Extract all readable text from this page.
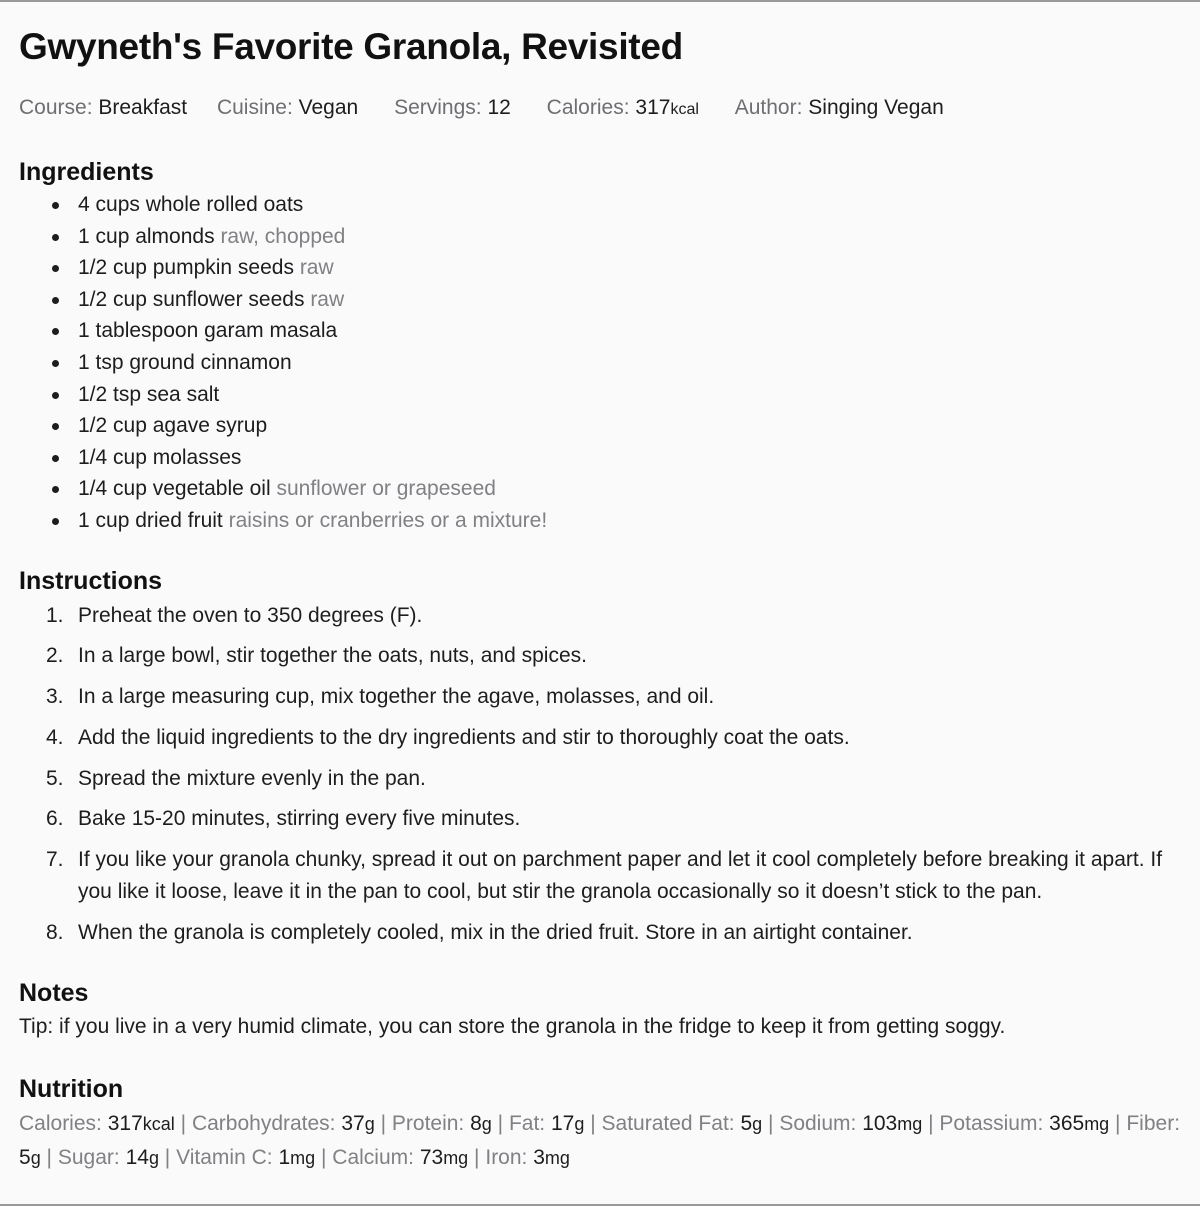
Gwyneth's Favorite Granola, Revisited
Course: Breakfast Cuisine: Vegan Servings: 12 Calories: 317kcal Author: Singing Vegan
Ingredients
4 cups whole rolled oats
1 cup almonds raw, chopped
1/2 cup pumpkin seeds raw
1/2 cup sunflower seeds raw
1 tablespoon garam masala
1 tsp ground cinnamon
1/2 tsp sea salt
1/2 cup agave syrup
1/4 cup molasses
1/4 cup vegetable oil sunflower or grapeseed
1 cup dried fruit raisins or cranberries or a mixture!
Instructions
1. Preheat the oven to 350 degrees (F).
2. In a large bowl, stir together the oats, nuts, and spices.
3. In a large measuring cup, mix together the agave, molasses, and oil.
4. Add the liquid ingredients to the dry ingredients and stir to thoroughly coat the oats.
5. Spread the mixture evenly in the pan.
6. Bake 15-20 minutes, stirring every five minutes.
7. If you like your granola chunky, spread it out on parchment paper and let it cool completely before breaking it apart. If you like it loose, leave it in the pan to cool, but stir the granola occasionally so it doesn’t stick to the pan.
8. When the granola is completely cooled, mix in the dried fruit. Store in an airtight container.
Notes
Tip: if you live in a very humid climate, you can store the granola in the fridge to keep it from getting soggy.
Nutrition
Calories: 317kcal | Carbohydrates: 37g | Protein: 8g | Fat: 17g | Saturated Fat: 5g | Sodium: 103mg | Potassium: 365mg | Fiber: 5g | Sugar: 14g | Vitamin C: 1mg | Calcium: 73mg | Iron: 3mg
